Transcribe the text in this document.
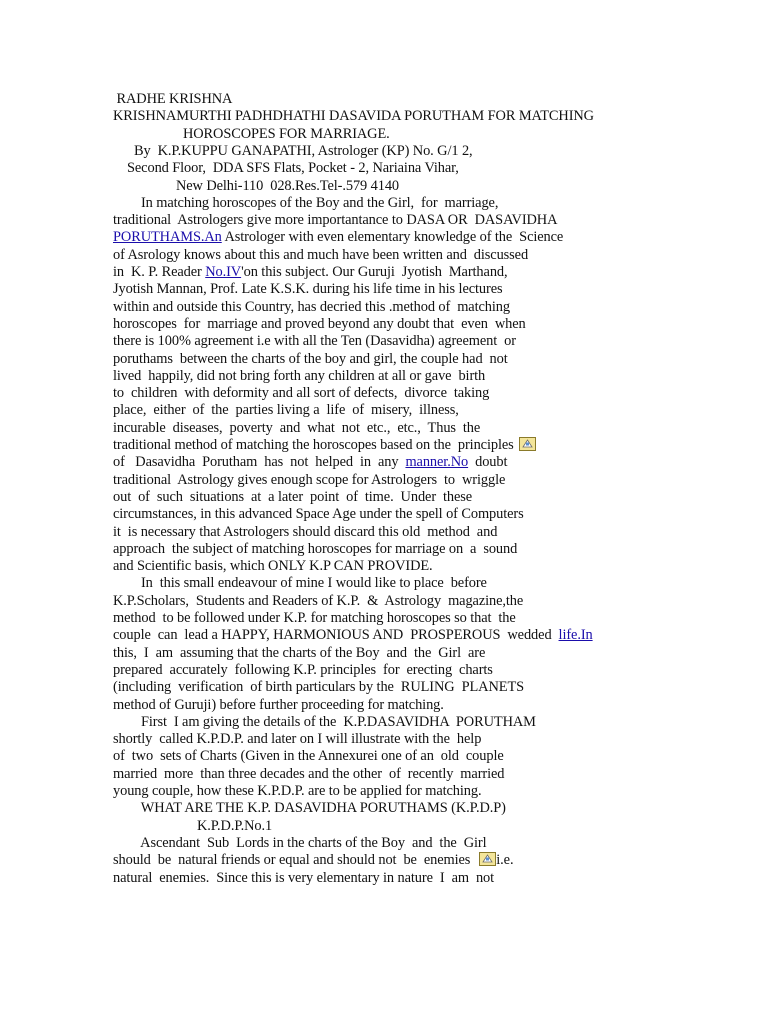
RADHE KRISHNA
KRISHNAMURTHI PADHDHATHI DASAVIDA PORUTHAM FOR MATCHING
HOROSCOPES FOR MARRIAGE.
By  K.P.KUPPU GANAPATHI, Astrologer (KP) No. G/1 2,
Second Floor,  DDA SFS Flats, Pocket - 2, Nariaina Vihar,
New Delhi-110  028.Res.Tel-.579 4140
In matching horoscopes of the Boy and the Girl,  for  marriage,
traditional  Astrologers give more importantance to DASA OR  DASAVIDHA
PORUTHAMS.An Astrologer with even elementary knowledge of the  Science
of Asrology knows about this and much have been written and  discussed
in  K. P. Reader No.IV'on this subject. Our Guruji  Jyotish  Marthand,
Jyotish Mannan, Prof. Late K.S.K. during his life time in his lectures
within and outside this Country, has decried this .method of  matching
horoscopes  for  marriage and proved beyond any doubt that  even  when
there is 100% agreement i.e with all the Ten (Dasavidha) agreement  or
poruthams  between the charts of the boy and girl, the couple had  not
lived  happily, did not bring forth any children at all or gave  birth
to  children  with deformity and all sort of defects,  divorce  taking
place,  either  of  the  parties living a  life  of  misery,  illness,
incurable  diseases,  poverty  and  what  not  etc.,  etc.,  Thus  the
traditional method of matching the horoscopes based on the  principles
of   Dasavidha  Porutham  has  not  helped  in  any  manner.No  doubt
traditional  Astrology gives enough scope for Astrologers  to  wriggle
out  of  such  situations  at  a later  point  of  time.  Under  these
circumstances, in this advanced Space Age under the spell of Computers
it  is necessary that Astrologers should discard this old  method  and
approach  the subject of matching horoscopes for marriage on  a  sound
and Scientific basis, which ONLY K.P CAN PROVIDE.
In  this small endeavour of mine I would like to place  before
K.P.Scholars,  Students and Readers of K.P.  &  Astrology  magazine,the
method  to be followed under K.P. for matching horoscopes so that  the
couple  can  lead a HAPPY, HARMONIOUS AND  PROSPEROUS  wedded  life.In
this,  I  am  assuming that the charts of the Boy  and  the  Girl  are
prepared  accurately  following K.P. principles  for  erecting  charts
(including  verification  of birth particulars by the  RULING  PLANETS
method of Guruji) before further proceeding for matching.
First  I am giving the details of the  K.P.DASAVIDHA  PORUTHAM
shortly  called K.P.D.P. and later on I will illustrate with the  help
of  two  sets of Charts (Given in the Annexurei one of an  old  couple
married  more  than three decades and the other  of  recently  married
young couple, how these K.P.D.P. are to be applied for matching.
WHAT ARE THE K.P. DASAVIDHA PORUTHAMS (K.P.D.P)
K.P.D.P.No.1
Ascendant  Sub  Lords in the charts of the Boy  and  the  Girl
should  be  natural friends or equal and should not  be  enemies  i.e.
natural  enemies.  Since this is very elementary in nature  I  am  not
